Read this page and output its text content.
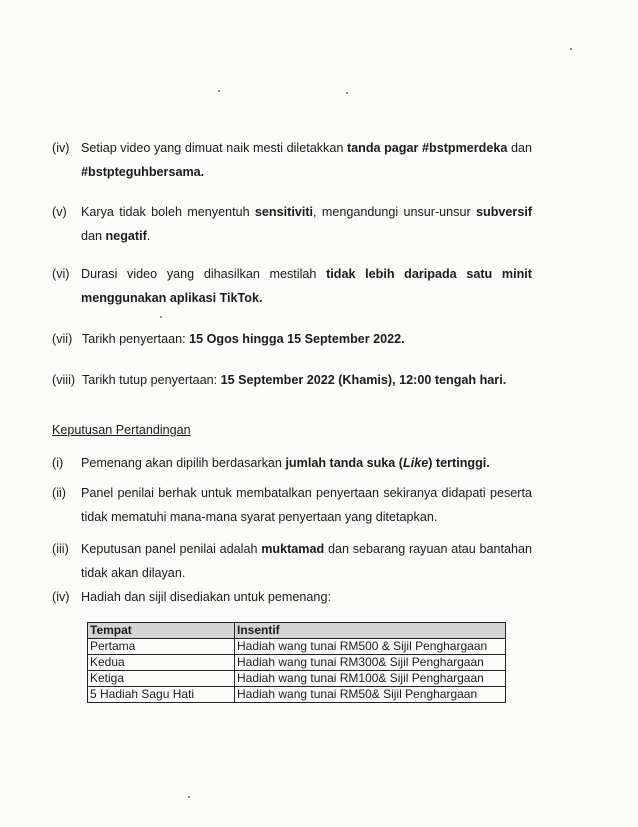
(iv) Setiap video yang dimuat naik mesti diletakkan tanda pagar #bstpmerdeka dan #bstpteguhbersama.
(v) Karya tidak boleh menyentuh sensitiviti, mengandungi unsur-unsur subversif dan negatif.
(vi) Durasi video yang dihasilkan mestilah tidak lebih daripada satu minit menggunakan aplikasi TikTok.
(vii) Tarikh penyertaan: 15 Ogos hingga 15 September 2022.
(viii) Tarikh tutup penyertaan: 15 September 2022 (Khamis), 12:00 tengah hari.
Keputusan Pertandingan
(i) Pemenang akan dipilih berdasarkan jumlah tanda suka (Like) tertinggi.
(ii) Panel penilai berhak untuk membatalkan penyertaan sekiranya didapati peserta tidak mematuhi mana-mana syarat penyertaan yang ditetapkan.
(iii) Keputusan panel penilai adalah muktamad dan sebarang rayuan atau bantahan tidak akan dilayan.
(iv) Hadiah dan sijil disediakan untuk pemenang:
Tempat	Insentif
Pertama	Hadiah wang tunai RM500 & Sijil Penghargaan
Kedua	Hadiah wang tunai RM300& Sijil Penghargaan
Ketiga	Hadiah wang tunai RM100& Sijil Penghargaan
5 Hadiah Sagu Hati	Hadiah wang tunai RM50& Sijil Penghargaan
